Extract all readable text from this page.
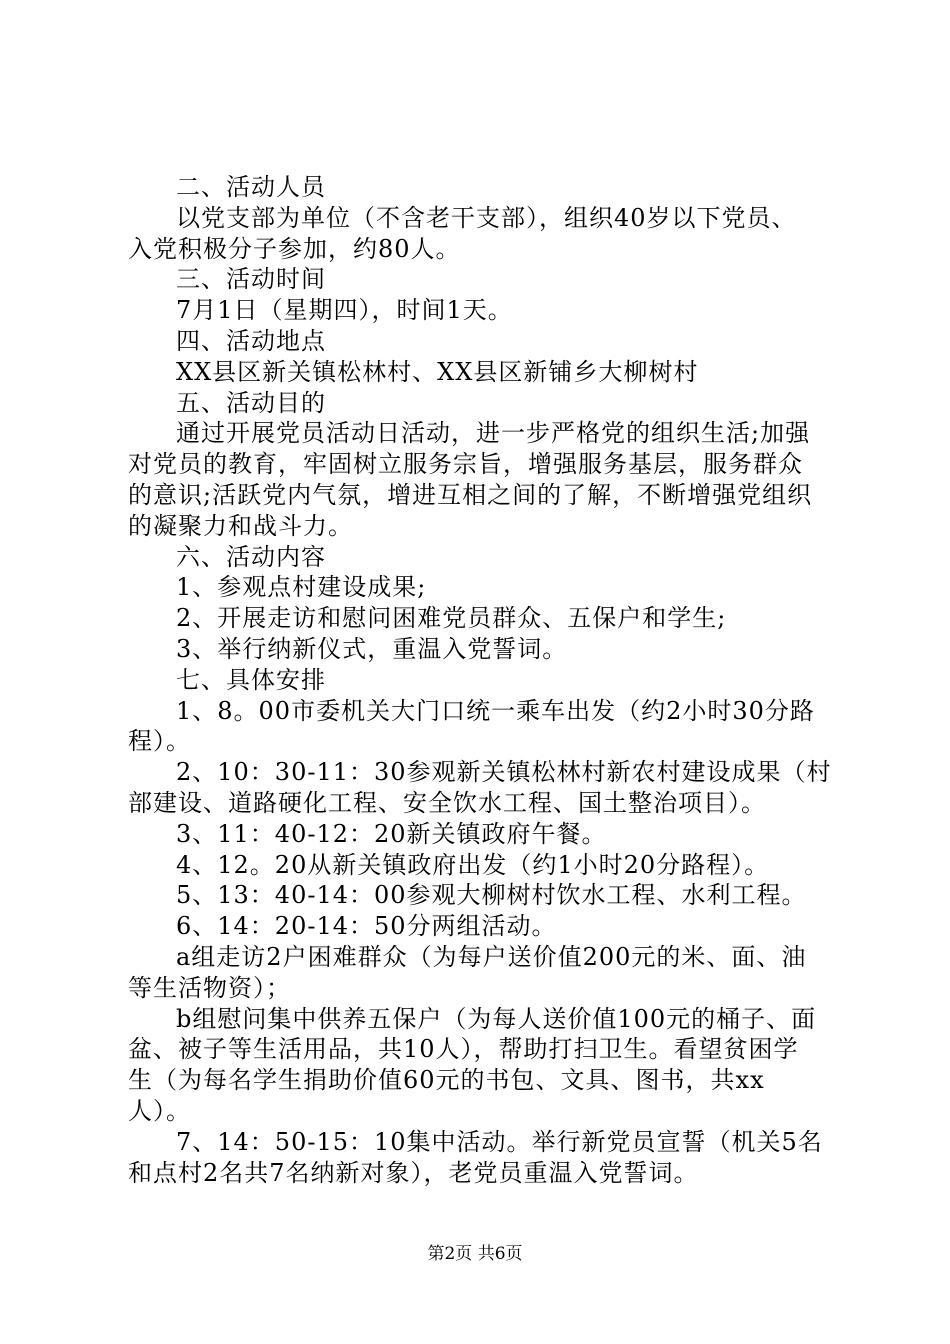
二、活动人员
以党支部为单位（不含老干支部），组织40岁以下党员、
入党积极分子参加，约80人。
三、活动时间
7月1日（星期四），时间1天。
四、活动地点
XX县区新关镇松林村、XX县区新铺乡大柳树村
五、活动目的
通过开展党员活动日活动，进一步严格党的组织生活;加强
对党员的教育，牢固树立服务宗旨，增强服务基层，服务群众
的意识;活跃党内气氛，增进互相之间的了解，不断增强党组织
的凝聚力和战斗力。
六、活动内容
1、参观点村建设成果;
2、开展走访和慰问困难党员群众、五保户和学生;
3、举行纳新仪式，重温入党誓词。
七、具体安排
1、8。00市委机关大门口统一乘车出发（约2小时30分路
程）。
2、10：30-11：30参观新关镇松林村新农村建设成果（村
部建设、道路硬化工程、安全饮水工程、国土整治项目）。
3、11：40-12：20新关镇政府午餐。
4、12。20从新关镇政府出发（约1小时20分路程）。
5、13：40-14：00参观大柳树村饮水工程、水利工程。
6、14：20-14：50分两组活动。
a组走访2户困难群众（为每户送价值200元的米、面、油
等生活物资）；
b组慰问集中供养五保户（为每人送价值100元的桶子、面
盆、被子等生活用品，共10人），帮助打扫卫生。看望贫困学
生（为每名学生捐助价值60元的书包、文具、图书，共xx
人）。
7、14：50-15：10集中活动。举行新党员宣誓（机关5名
和点村2名共7名纳新对象），老党员重温入党誓词。
第2页 共6页
